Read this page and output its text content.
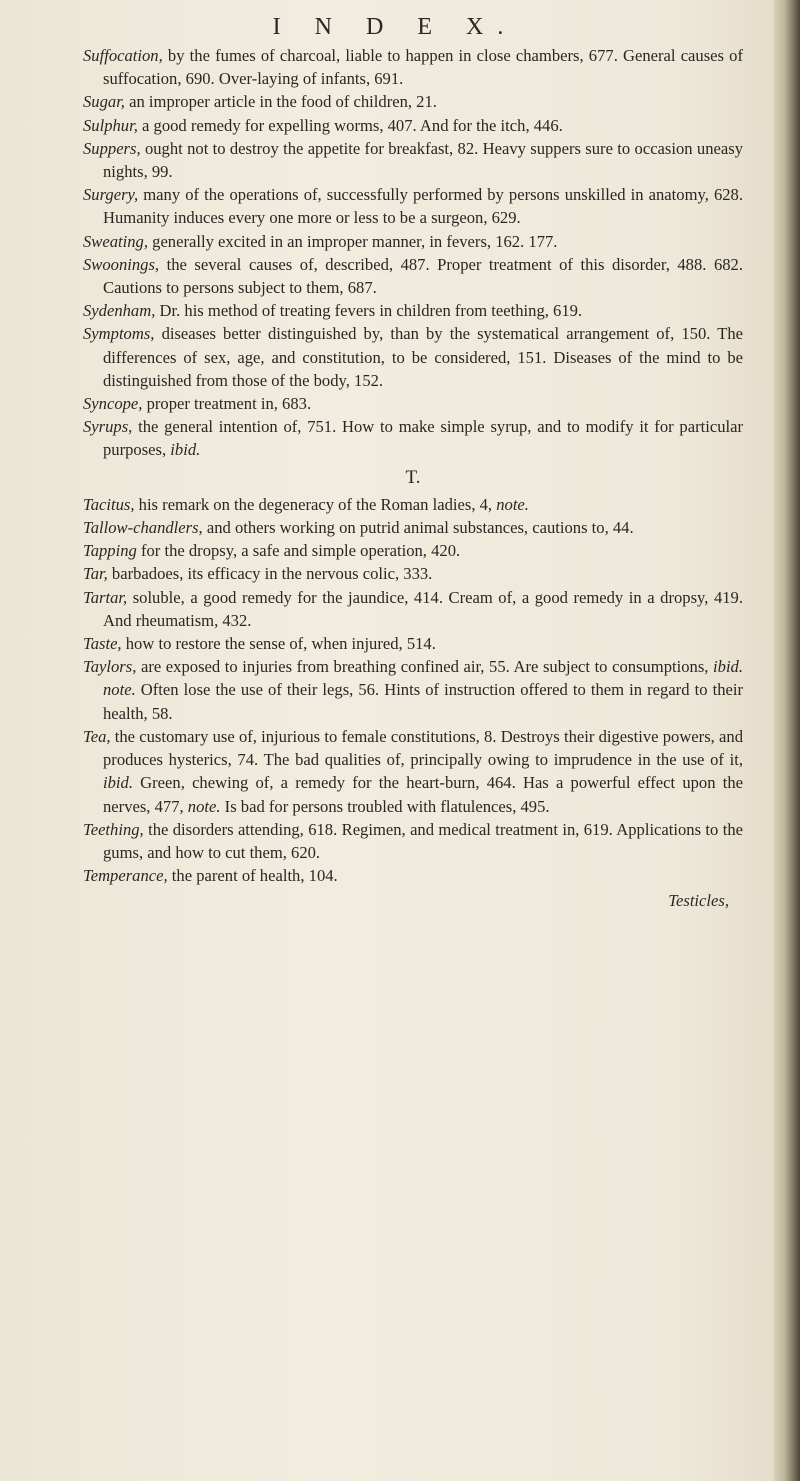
I N D E X.
Suffocation, by the fumes of charcoal, liable to happen in close chambers, 677. General causes of suffocation, 690. Over-laying of infants, 691.
Sugar, an improper article in the food of children, 21.
Sulphur, a good remedy for expelling worms, 407. And for the itch, 446.
Suppers, ought not to destroy the appetite for breakfast, 82. Heavy suppers sure to occasion uneasy nights, 99.
Surgery, many of the operations of, successfully performed by persons unskilled in anatomy, 628. Humanity induces every one more or less to be a surgeon, 629.
Sweating, generally excited in an improper manner, in fevers, 162. 177.
Swoonings, the several causes of, described, 487. Proper treatment of this disorder, 488. 682. Cautions to persons subject to them, 687.
Sydenham, Dr. his method of treating fevers in children from teething, 619.
Symptoms, diseases better distinguished by, than by the systematical arrangement of, 150. The differences of sex, age, and constitution, to be considered, 151. Diseases of the mind to be distinguished from those of the body, 152.
Syncope, proper treatment in, 683.
Syrups, the general intention of, 751. How to make simple syrup, and to modify it for particular purposes, ibid.
T.
Tacitus, his remark on the degeneracy of the Roman ladies, 4, note.
Tallow-chandlers, and others working on putrid animal substances, cautions to, 44.
Tapping for the dropsy, a safe and simple operation, 420.
Tar, barbadoes, its efficacy in the nervous colic, 333.
Tartar, soluble, a good remedy for the jaundice, 414. Cream of, a good remedy in a dropsy, 419. And rheumatism, 432.
Taste, how to restore the sense of, when injured, 514.
Taylors, are exposed to injuries from breathing confined air, 55. Are subject to consumptions, ibid. note. Often lose the use of their legs, 56. Hints of instruction offered to them in regard to their health, 58.
Tea, the customary use of, injurious to female constitutions, 8. Destroys their digestive powers, and produces hysterics, 74. The bad qualities of, principally owing to imprudence in the use of it, ibid. Green, chewing of, a remedy for the heart-burn, 464. Has a powerful effect upon the nerves, 477, note. Is bad for persons troubled with flatulences, 495.
Teething, the disorders attending, 618. Regimen, and medical treatment in, 619. Applications to the gums, and how to cut them, 620.
Temperance, the parent of health, 104.
Testicles,
